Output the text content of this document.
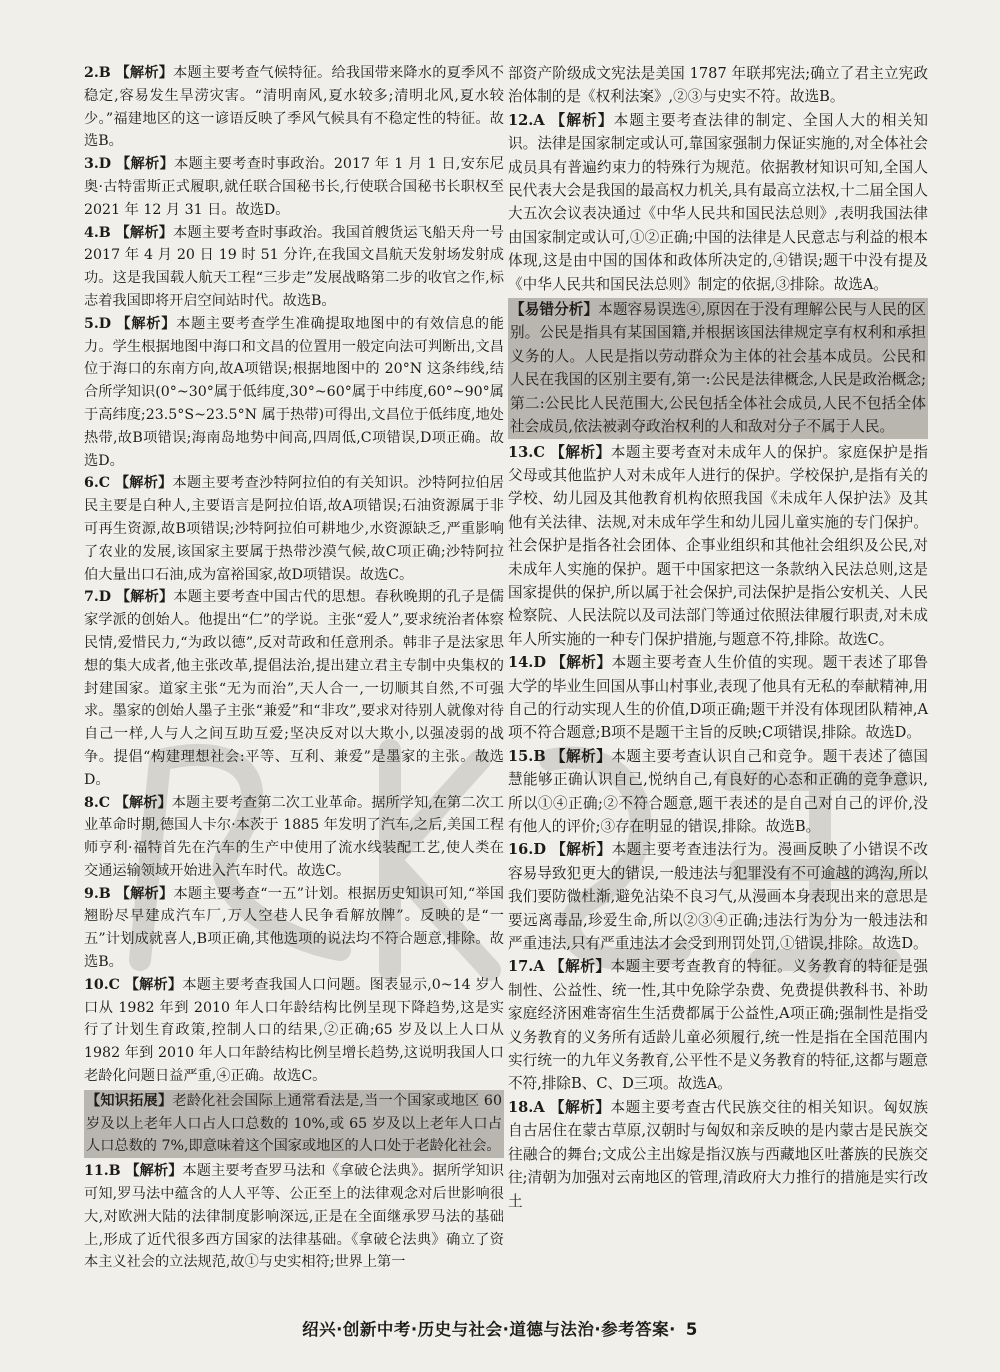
2.B 【解析】本题主要考查气候特征。给我国带来降水的夏季风不稳定,容易发生旱涝灾害。“清明南风,夏水较多;清明北风,夏水较少。”福建地区的这一谚语反映了季风气候具有不稳定性的特征。故选B。

3.D 【解析】本题主要考查时事政治。2017 年 1 月 1 日,安东尼奥·古特雷斯正式履职,就任联合国秘书长,行使联合国秘书长职权至 2021 年 12 月 31 日。故选D。

4.B 【解析】本题主要考查时事政治。我国首艘货运飞船天舟一号 2017 年 4 月 20 日 19 时 51 分许,在我国文昌航天发射场发射成功。这是我国载人航天工程“三步走”发展战略第二步的收官之作,标志着我国即将开启空间站时代。故选B。

5.D 【解析】本题主要考查学生准确提取地图中的有效信息的能力。学生根据地图中海口和文昌的位置用一般定向法可判断出,文昌位于海口的东南方向,故A项错误;根据地图中的 20°N 这条纬线,结合所学知识(0°~30°属于低纬度,30°~60°属于中纬度,60°~90°属于高纬度;23.5°S~23.5°N 属于热带)可得出,文昌位于低纬度,地处热带,故B项错误;海南岛地势中间高,四周低,C项错误,D项正确。故选D。

6.C 【解析】本题主要考查沙特阿拉伯的有关知识。沙特阿拉伯居民主要是白种人,主要语言是阿拉伯语,故A项错误;石油资源属于非可再生资源,故B项错误;沙特阿拉伯可耕地少,水资源缺乏,严重影响了农业的发展,该国家主要属于热带沙漠气候,故C项正确;沙特阿拉伯大量出口石油,成为富裕国家,故D项错误。故选C。

7.D 【解析】本题主要考查中国古代的思想。春秋晚期的孔子是儒家学派的创始人。他提出“仁”的学说。主张“爱人”,要求统治者体察民情,爱惜民力,“为政以德”,反对苛政和任意刑杀。韩非子是法家思想的集大成者,他主张改革,提倡法治,提出建立君主专制中央集权的封建国家。道家主张“无为而治”,天人合一,一切顺其自然,不可强求。墨家的创始人墨子主张“兼爱”和“非攻”,要求对待别人就像对待自己一样,人与人之间互助互爱;坚决反对以大欺小,以强凌弱的战争。提倡“构建理想社会:平等、互利、兼爱”是墨家的主张。故选D。

8.C 【解析】本题主要考查第二次工业革命。据所学知,在第二次工业革命时期,德国人卡尔·本茨于 1885 年发明了汽车,之后,美国工程师亨利·福特首先在汽车的生产中使用了流水线装配工艺,使人类在交通运输领域开始进入汽车时代。故选C。

9.B 【解析】本题主要考查“一五”计划。根据历史知识可知,“举国翘盼尽早建成汽车厂,万人空巷人民争看解放牌”。反映的是“一五”计划成就喜人,B项正确,其他选项的说法均不符合题意,排除。故选B。

10.C 【解析】本题主要考查我国人口问题。图表显示,0~14 岁人口从 1982 年到 2010 年人口年龄结构比例呈现下降趋势,这是实行了计划生育政策,控制人口的结果,②正确;65 岁及以上人口从 1982 年到 2010 年人口年龄结构比例呈增长趋势,这说明我国人口老龄化问题日益严重,④正确。故选C。

【知识拓展】老龄化社会国际上通常看法是,当一个国家或地区 60 岁及以上老年人口占人口总数的 10%,或 65 岁及以上老年人口占人口总数的 7%,即意味着这个国家或地区的人口处于老龄化社会。

11.B 【解析】本题主要考查罗马法和《拿破仑法典》。据所学知识可知,罗马法中蕴含的人人平等、公正至上的法律观念对后世影响很大,对欧洲大陆的法律制度影响深远,正是在全面继承罗马法的基础上,形成了近代很多西方国家的法律基础。《拿破仑法典》确立了资本主义社会的立法规范,故①与史实相符;世界上第一

部资产阶级成文宪法是美国 1787 年联邦宪法;确立了君主立宪政治体制的是《权利法案》,②③与史实不符。故选B。

12.A 【解析】本题主要考查法律的制定、全国人大的相关知识。法律是国家制定或认可,靠国家强制力保证实施的,对全体社会成员具有普遍约束力的特殊行为规范。依据教材知识可知,全国人民代表大会是我国的最高权力机关,具有最高立法权,十二届全国人大五次会议表决通过《中华人民共和国民法总则》,表明我国法律由国家制定或认可,①②正确;中国的法律是人民意志与利益的根本体现,这是由中国的国体和政体所决定的,④错误;题干中没有提及《中华人民共和国民法总则》制定的依据,③排除。故选A。

【易错分析】本题容易误选④,原因在于没有理解公民与人民的区别。公民是指具有某国国籍,并根据该国法律规定享有权利和承担义务的人。人民是指以劳动群众为主体的社会基本成员。公民和人民在我国的区别主要有,第一:公民是法律概念,人民是政治概念;第二:公民比人民范围大,公民包括全体社会成员,人民不包括全体社会成员,依法被剥夺政治权利的人和敌对分子不属于人民。

13.C 【解析】本题主要考查对未成年人的保护。家庭保护是指父母或其他监护人对未成年人进行的保护。学校保护,是指有关的学校、幼儿园及其他教育机构依照我国《未成年人保护法》及其他有关法律、法规,对未成年学生和幼儿园儿童实施的专门保护。社会保护是指各社会团体、企事业组织和其他社会组织及公民,对未成年人实施的保护。题干中国家把这一条款纳入民法总则,这是国家提供的保护,所以属于社会保护,司法保护是指公安机关、人民检察院、人民法院以及司法部门等通过依照法律履行职责,对未成年人所实施的一种专门保护措施,与题意不符,排除。故选C。

14.D 【解析】本题主要考查人生价值的实现。题干表述了耶鲁大学的毕业生回国从事山村事业,表现了他具有无私的奉献精神,用自己的行动实现人生的价值,D项正确;题干并没有体现团队精神,A项不符合题意;B项不是题干主旨的反映;C项错误,排除。故选D。

15.B 【解析】本题主要考查认识自己和竞争。题干表述了德国慧能够正确认识自己,悦纳自己,有良好的心态和正确的竞争意识,所以①④正确;②不符合题意,题干表述的是自己对自己的评价,没有他人的评价;③存在明显的错误,排除。故选B。

16.D 【解析】本题主要考查违法行为。漫画反映了小错误不改容易导致犯更大的错误,一般违法与犯罪没有不可逾越的鸿沟,所以我们要防微杜渐,避免沾染不良习气,从漫画本身表现出来的意思是要远离毒品,珍爱生命,所以②③④正确;违法行为分为一般违法和严重违法,只有严重违法才会受到刑罚处罚,①错误,排除。故选D。

17.A 【解析】本题主要考查教育的特征。义务教育的特征是强制性、公益性、统一性,其中免除学杂费、免费提供教科书、补助家庭经济困难寄宿生生活费都属于公益性,A项正确;强制性是指受义务教育的义务所有适龄儿童必须履行,统一性是指在全国范围内实行统一的九年义务教育,公平性不是义务教育的特征,这都与题意不符,排除B、C、D三项。故选A。

18.A 【解析】本题主要考查古代民族交往的相关知识。匈奴族自古居住在蒙古草原,汉朝时与匈奴和亲反映的是内蒙古是民族交往融合的舞台;文成公主出嫁是指汉族与西藏地区吐蕃族的民族交往;清朝为加强对云南地区的管理,清政府大力推行的措施是实行改土

绍兴·创新中考·历史与社会·道德与法治·参考答案· 5
